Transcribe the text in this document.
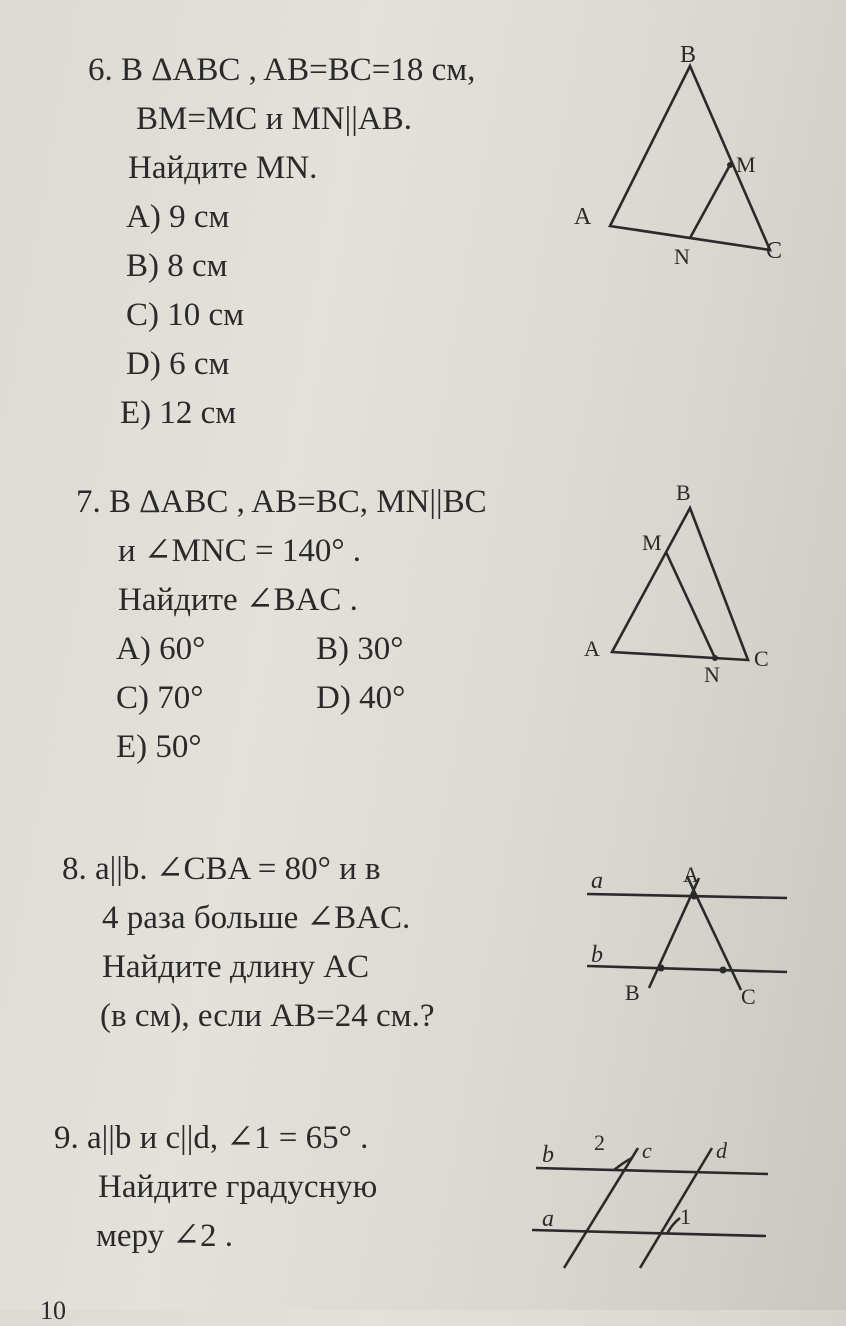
6. В ΔABC , AB=BC=18 см,
BM=MC и MN||AB.
Найдите MN.
A) 9 см
B) 8 см
C) 10 см
D) 6 см
E) 12 см
B
M
A
N	C
7. В ΔABC , AB=BC, MN||BC
и ∠MNC = 140° .
Найдите ∠BAC .
A) 60°	B) 30°
C) 70°	D) 40°
E) 50°
B
M
A
N
C
8. a||b. ∠CBA = 80° и в
4 раза больше ∠BAC.
Найдите длину AC
(в см), если AB=24 см.?
a
b
A
B	C
9. a||b и c||d, ∠1 = 65° .
Найдите градусную
меру ∠2 .
b
a
c	d
2
1
10
